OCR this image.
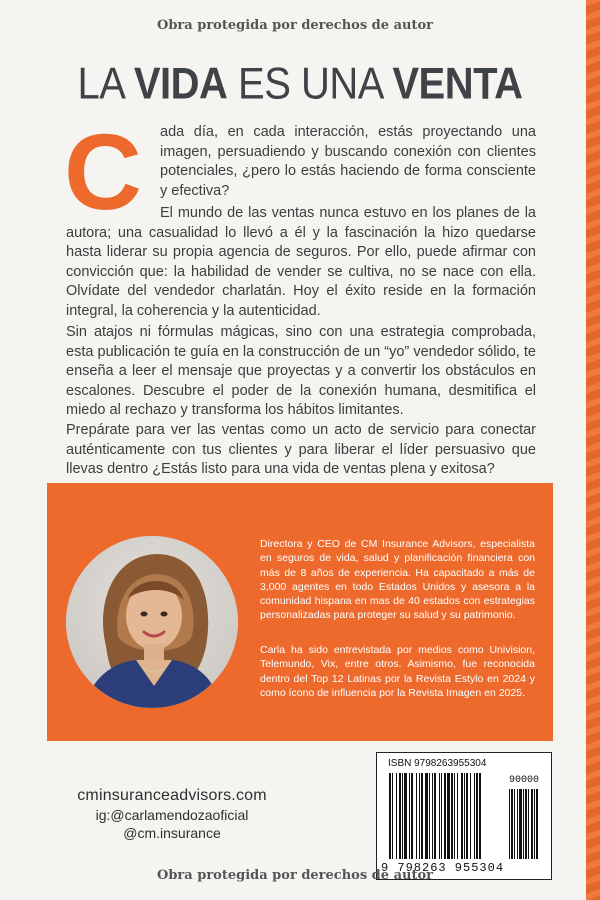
Obra protegida por derechos de autor
LA VIDA ES UNA VENTA
C ada día, en cada interacción, estás proyectando una imagen, persuadiendo y buscando conexión con clientes potenciales, ¿pero lo estás haciendo de forma consciente y efectiva?

El mundo de las ventas nunca estuvo en los planes de la autora; una casualidad lo llevó a él y la fascinación la hizo quedarse hasta liderar su propia agencia de seguros. Por ello, puede afirmar con convicción que: la habilidad de vender se cultiva, no se nace con ella. Olvídate del vendedor charlatán. Hoy el éxito reside en la formación integral, la coherencia y la autenticidad.

Sin atajos ni fórmulas mágicas, sino con una estrategia comprobada, esta publicación te guía en la construcción de un “yo” vendedor sólido, te enseña a leer el mensaje que proyectas y a convertir los obstáculos en escalones. Descubre el poder de la conexión humana, desmitifica el miedo al rechazo y transforma los hábitos limitantes.

Prepárate para ver las ventas como un acto de servicio para conectar auténticamente con tus clientes y para liberar el líder persuasivo que llevas dentro ¿Estás listo para una vida de ventas plena y exitosa?

Directora y CEO de CM Insurance Advisors, especialista en seguros de vida, salud y planificación financiera con más de 8 años de experiencia. Ha capacitado a más de 3,000 agentes en todo Estados Unidos y asesora a la comunidad hispana en mas de 40 estados con estrategias personalizadas para proteger su salud y su patrimonio.

Carla ha sido entrevistada por medios como Univision, Telemundo, Vix, entre otros. Asimismo, fue reconocida dentro del Top 12 Latinas por la Revista Estylo en 2024 y como ícono de influencia por la Revista Imagen en 2025.

cminsuranceadvisors.com
ig:@carlamendozaoficial
@cm.insurance
ISBN 9798263955304
90000
9 798263 955304
Obra protegida por derechos de autor
